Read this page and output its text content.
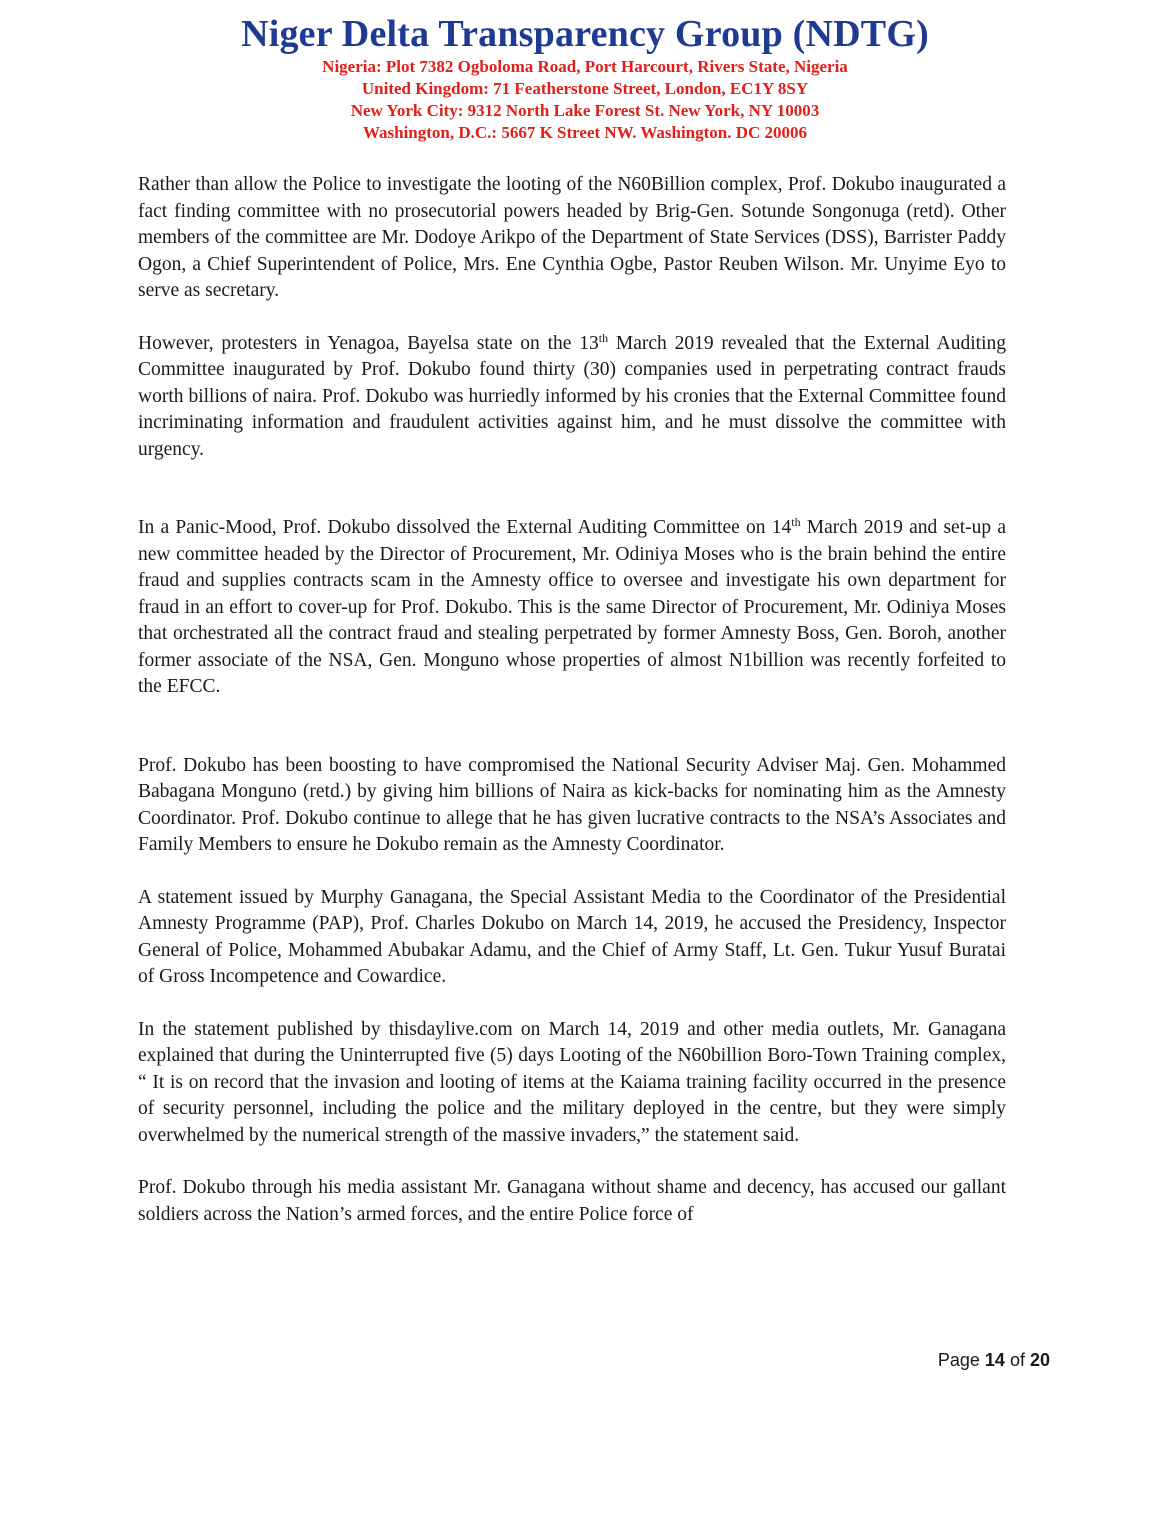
Niger Delta Transparency Group (NDTG)

Nigeria: Plot 7382 Ogboloma Road, Port Harcourt, Rivers State, Nigeria

United Kingdom: 71 Featherstone Street, London, EC1Y 8SY

New York City: 9312 North Lake Forest St. New York, NY 10003

Washington, D.C.: 5667 K Street NW. Washington. DC 20006

Rather than allow the Police to investigate the looting of the N60Billion complex, Prof. Dokubo inaugurated a fact finding committee with no prosecutorial powers headed by Brig-Gen. Sotunde Songonuga (retd). Other members of the committee are Mr. Dodoye Arikpo of the Department of State Services (DSS), Barrister Paddy Ogon, a Chief Superintendent of Police, Mrs. Ene Cynthia Ogbe, Pastor Reuben Wilson. Mr. Unyime Eyo to serve as secretary.

However, protesters in Yenagoa, Bayelsa state on the 13th March 2019 revealed that the External Auditing Committee inaugurated by Prof. Dokubo found thirty (30) companies used in perpetrating contract frauds worth billions of naira. Prof. Dokubo was hurriedly informed by his cronies that the External Committee found incriminating information and fraudulent activities against him, and he must dissolve the committee with urgency.

In a Panic-Mood, Prof. Dokubo dissolved the External Auditing Committee on 14th March 2019 and set-up a new committee headed by the Director of Procurement, Mr. Odiniya Moses who is the brain behind the entire fraud and supplies contracts scam in the Amnesty office to oversee and investigate his own department for fraud in an effort to cover-up for Prof. Dokubo. This is the same Director of Procurement, Mr. Odiniya Moses that orchestrated all the contract fraud and stealing perpetrated by former Amnesty Boss, Gen. Boroh, another former associate of the NSA, Gen. Monguno whose properties of almost N1billion was recently forfeited to the EFCC.

Prof. Dokubo has been boosting to have compromised the National Security Adviser Maj. Gen. Mohammed Babagana Monguno (retd.) by giving him billions of Naira as kick-backs for nominating him as the Amnesty Coordinator. Prof. Dokubo continue to allege that he has given lucrative contracts to the NSA’s Associates and Family Members to ensure he Dokubo remain as the Amnesty Coordinator.

A statement issued by Murphy Ganagana, the Special Assistant Media to the Coordinator of the Presidential Amnesty Programme (PAP), Prof. Charles Dokubo on March 14, 2019, he accused the Presidency, Inspector General of Police, Mohammed Abubakar Adamu, and the Chief of Army Staff, Lt. Gen. Tukur Yusuf Buratai of Gross Incompetence and Cowardice.

In the statement published by thisdaylive.com on March 14, 2019 and other media outlets, Mr. Ganagana explained that during the Uninterrupted five (5) days Looting of the N60billion Boro-Town Training complex, “ It is on record that the invasion and looting of items at the Kaiama training facility occurred in the presence of security personnel, including the police and the military deployed in the centre, but they were simply overwhelmed by the numerical strength of the massive invaders,” the statement said.

Prof. Dokubo through his media assistant Mr. Ganagana without shame and decency, has accused our gallant soldiers across the Nation’s armed forces, and the entire Police force of

Page 14 of 20
